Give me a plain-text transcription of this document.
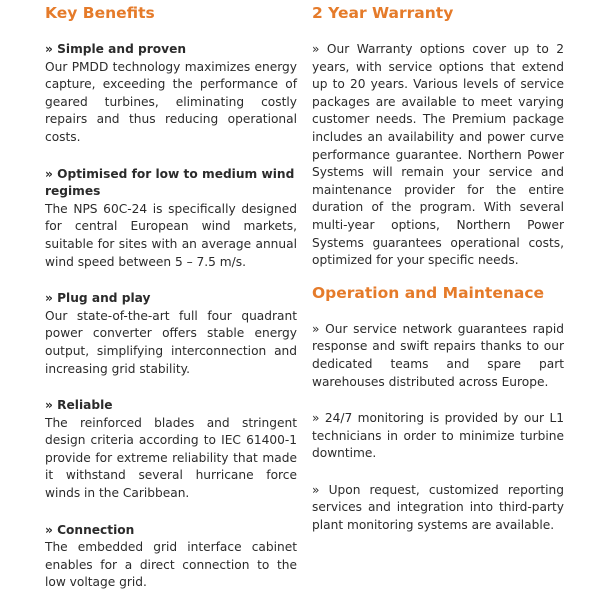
Key Benefits
» Simple and proven

Our PMDD technology maximizes energy capture, exceeding the performance of geared turbines, eliminating costly repairs and thus reducing operational costs.

» Optimised for low to medium wind regimes

The NPS 60C-24 is specifically designed for central European wind markets, suitable for sites with an average annual wind speed between 5 – 7.5 m/s.

» Plug and play

Our state-of-the-art full four quadrant power converter offers stable energy output, simplifying interconnection and increasing grid stability.

» Reliable

The reinforced blades and stringent design criteria according to IEC 61400-1 provide for extreme reliability that made it withstand several hurricane force winds in the Caribbean.

» Connection

The embedded grid interface cabinet enables for a direct connection to the low voltage grid.

2 Year Warranty

» Our Warranty options cover up to 2 years, with service options that extend up to 20 years. Various levels of service packages are available to meet varying customer needs. The Premium package includes an availability and power curve performance guarantee. Northern Power Systems will remain your service and maintenance provider for the entire duration of the program. With several multi-year options, Northern Power Systems guarantees operational costs, optimized for your specific needs.

Operation and Maintenace

» Our service network guarantees rapid response and swift repairs thanks to our dedicated teams and spare part warehouses distributed across Europe.

» 24/7 monitoring is provided by our L1 technicians in order to minimize turbine downtime.

» Upon request, customized reporting services and integration into third-party plant monitoring systems are available.
